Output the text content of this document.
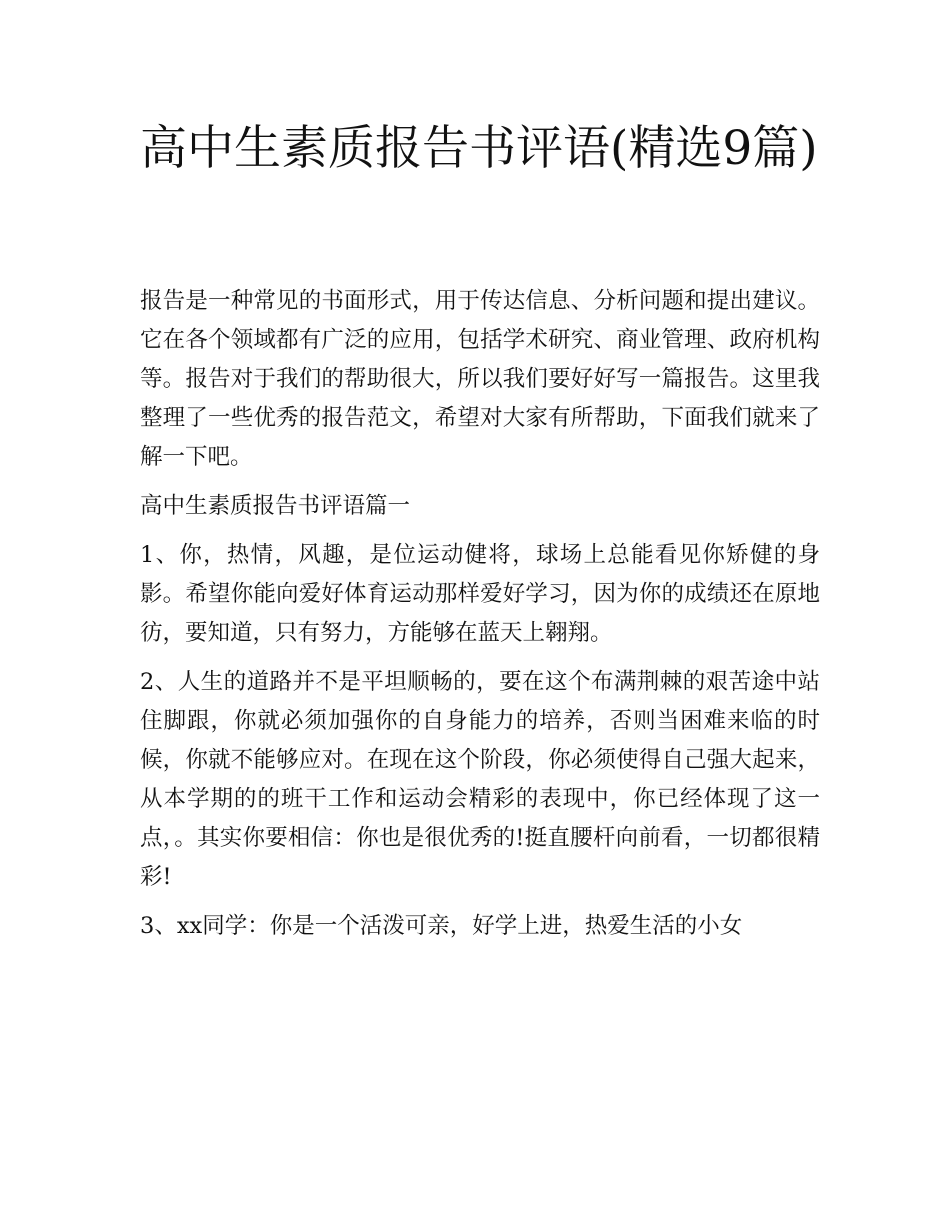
高中生素质报告书评语(精选9篇)

报告是一种常见的书面形式，用于传达信息、分析问题和提出建议。它在各个领域都有广泛的应用，包括学术研究、商业管理、政府机构等。报告对于我们的帮助很大，所以我们要好好写一篇报告。这里我整理了一些优秀的报告范文，希望对大家有所帮助，下面我们就来了解一下吧。

高中生素质报告书评语篇一

1、你，热情，风趣，是位运动健将，球场上总能看见你矫健的身影。希望你能向爱好体育运动那样爱好学习，因为你的成绩还在原地彷，要知道，只有努力，方能够在蓝天上翱翔。

2、人生的道路并不是平坦顺畅的，要在这个布满荆棘的艰苦途中站住脚跟，你就必须加强你的自身能力的培养，否则当困难来临的时候，你就不能够应对。在现在这个阶段，你必须使得自己强大起来，从本学期的的班干工作和运动会精彩的表现中，你已经体现了这一点，。其实你要相信：你也是很优秀的!挺直腰杆向前看，一切都很精彩!

3、xx同学：你是一个活泼可亲，好学上进，热爱生活的小女
